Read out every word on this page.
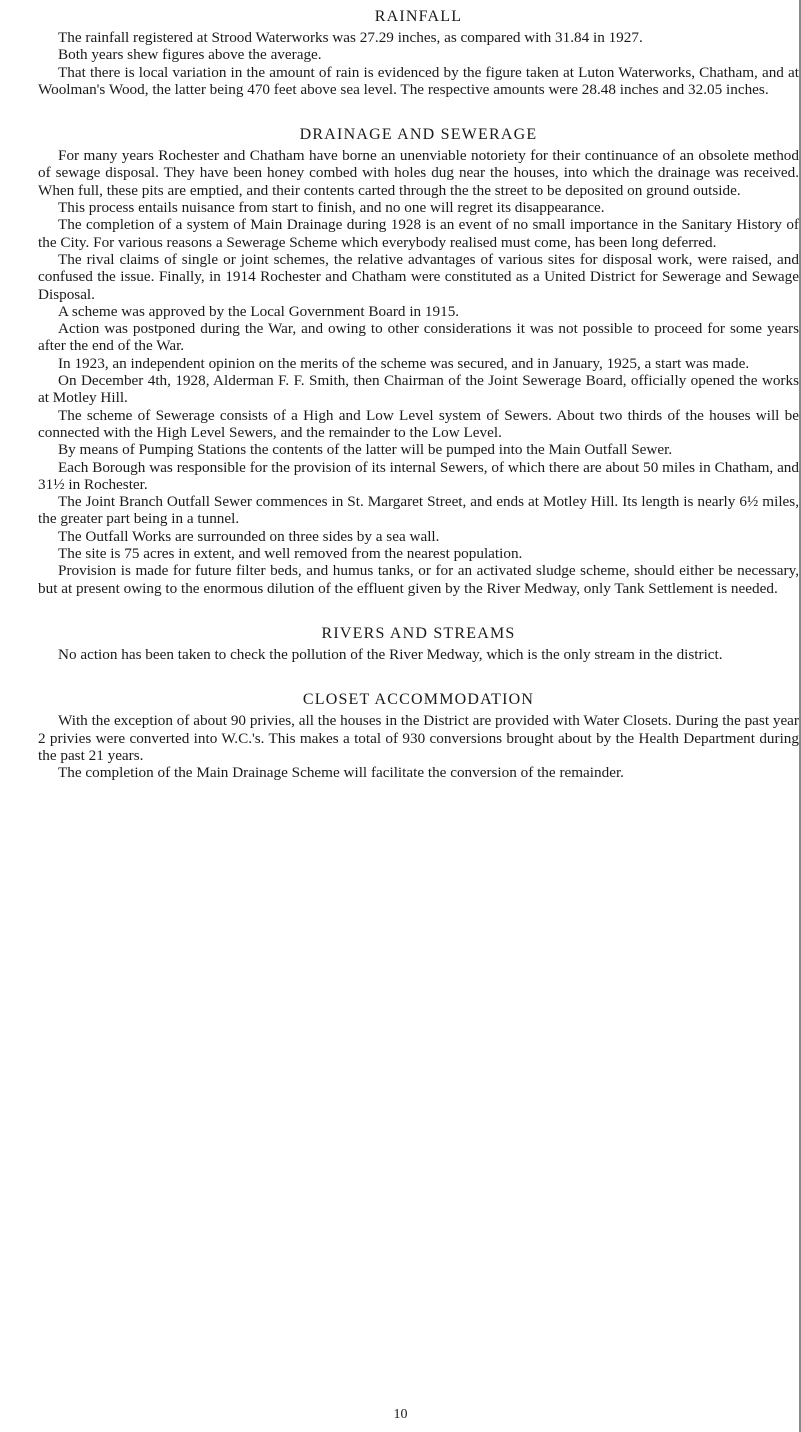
RAINFALL

The rainfall registered at Strood Waterworks was 27.29 inches, as compared with 31.84 in 1927.

Both years shew figures above the average.

That there is local variation in the amount of rain is evidenced by the figure taken at Luton Waterworks, Chatham, and at Woolman's Wood, the latter being 470 feet above sea level. The respective amounts were 28.48 inches and 32.05 inches.

DRAINAGE AND SEWERAGE

For many years Rochester and Chatham have borne an unenviable notoriety for their continuance of an obsolete method of sewage disposal. They have been honey combed with holes dug near the houses, into which the drainage was received. When full, these pits are emptied, and their contents carted through the the street to be deposited on ground outside.

This process entails nuisance from start to finish, and no one will regret its disappearance.

The completion of a system of Main Drainage during 1928 is an event of no small importance in the Sanitary History of the City. For various reasons a Sewerage Scheme which everybody realised must come, has been long deferred.

The rival claims of single or joint schemes, the relative advantages of various sites for disposal work, were raised, and confused the issue. Finally, in 1914 Rochester and Chatham were constituted as a United District for Sewerage and Sewage Disposal.

A scheme was approved by the Local Government Board in 1915.

Action was postponed during the War, and owing to other considerations it was not possible to proceed for some years after the end of the War.

In 1923, an independent opinion on the merits of the scheme was secured, and in January, 1925, a start was made.

On December 4th, 1928, Alderman F. F. Smith, then Chairman of the Joint Sewerage Board, officially opened the works at Motley Hill.

The scheme of Sewerage consists of a High and Low Level system of Sewers. About two thirds of the houses will be connected with the High Level Sewers, and the remainder to the Low Level.

By means of Pumping Stations the contents of the latter will be pumped into the Main Outfall Sewer.

Each Borough was responsible for the provision of its internal Sewers, of which there are about 50 miles in Chatham, and 31½ in Rochester.

The Joint Branch Outfall Sewer commences in St. Margaret Street, and ends at Motley Hill. Its length is nearly 6½ miles, the greater part being in a tunnel.

The Outfall Works are surrounded on three sides by a sea wall.

The site is 75 acres in extent, and well removed from the nearest population.

Provision is made for future filter beds, and humus tanks, or for an activated sludge scheme, should either be necessary, but at present owing to the enormous dilution of the effluent given by the River Medway, only Tank Settlement is needed.

RIVERS AND STREAMS

No action has been taken to check the pollution of the River Medway, which is the only stream in the district.

CLOSET ACCOMMODATION

With the exception of about 90 privies, all the houses in the District are provided with Water Closets. During the past year 2 privies were converted into W.C.'s. This makes a total of 930 conversions brought about by the Health Department during the past 21 years.

The completion of the Main Drainage Scheme will facilitate the conversion of the remainder.

10
